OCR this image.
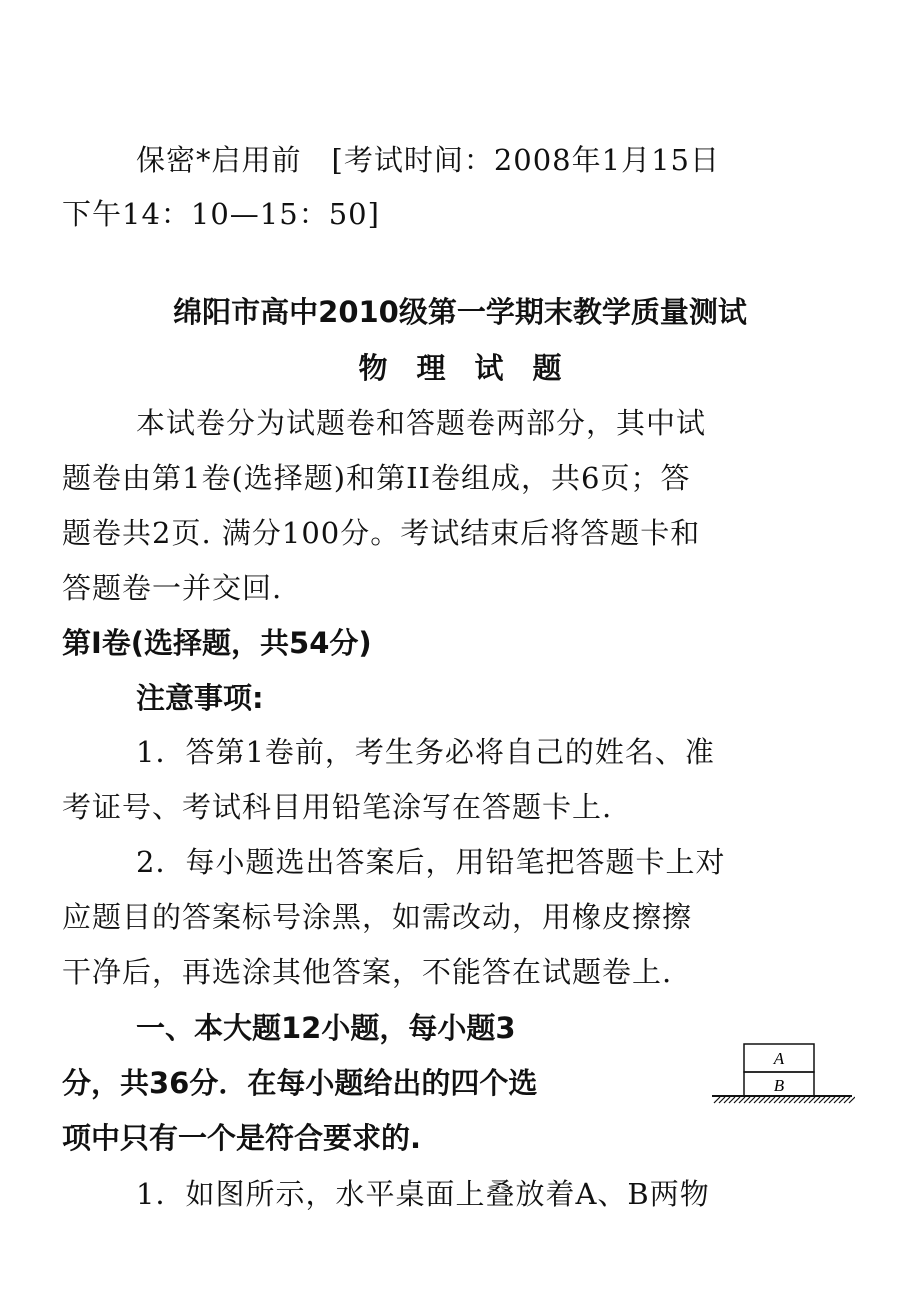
保密*启用前　[考试时间：2008年1月15日
下午14：10—15：50]
绵阳市高中2010级第一学期末教学质量测试
物　理　试　题
本试卷分为试题卷和答题卷两部分，其中试
题卷由第1卷(选择题)和第II卷组成，共6页；答
题卷共2页. 满分100分。考试结束后将答题卡和
答题卷一并交回.
第I卷(选择题，共54分)
注意事项:
1．答第1卷前，考生务必将自己的姓名、准
考证号、考试科目用铅笔涂写在答题卡上.
2．每小题选出答案后，用铅笔把答题卡上对
应题目的答案标号涂黑，如需改动，用橡皮擦擦
干净后，再选涂其他答案，不能答在试题卷上.
一、本大题12小题，每小题3
分，共36分．在每小题给出的四个选
项中只有一个是符合要求的.
1．如图所示，水平桌面上叠放着A、B两物
A
B
